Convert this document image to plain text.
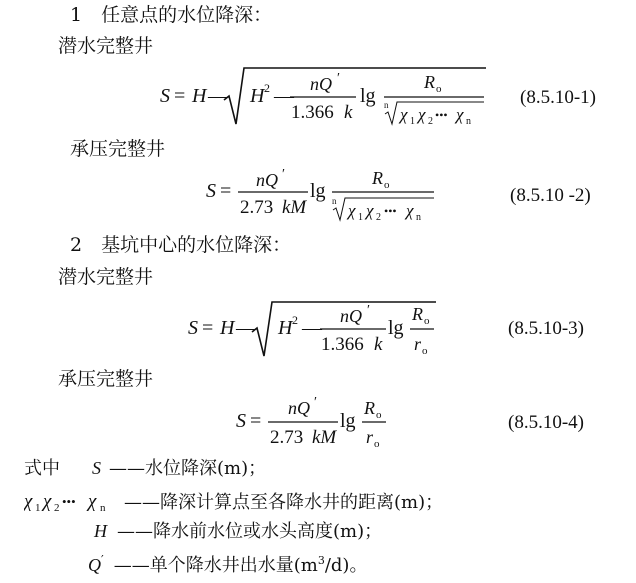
1　任意点的水位降深：
潜水完整井
S = H — H 2 —
nQ ′
1.366 k
lg
R o
n χ 1 χ 2 ••• χ n
(8.5.10-1)
承压完整井
S = nQ ′
2.73 kM
lg
R o
n χ 1 χ 2 ••• χ n
(8.5.10 -2)
2　基坑中心的水位降深：
潜水完整井
S = H — H 2 —
nQ ′
1.366 k
lg
R o
r o
(8.5.10-3)
承压完整井
S =
nQ ′
2.73 kM
lg
R o
r o
(8.5.10-4)
式中 S ——水位降深(m)；
χ 1 χ 2 ••• χ n ——降深计算点至各降水井的距离(m)；
H ——降水前水位或水头高度(m)；
Q′ ——单个降水井出水量$(m^3/d)$。
